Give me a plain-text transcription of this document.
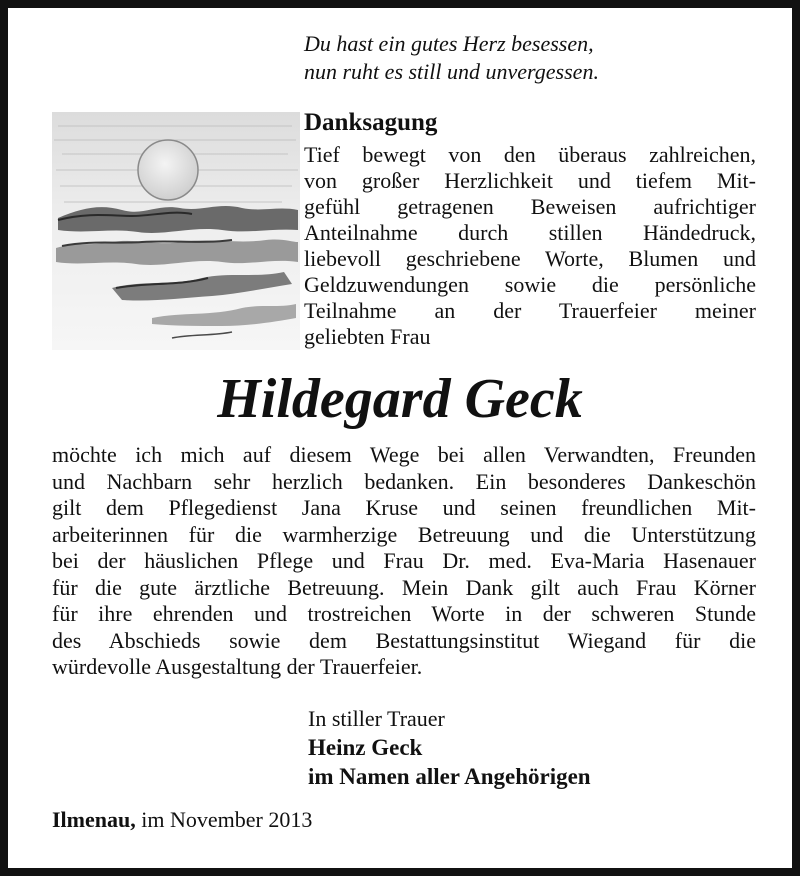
Du hast ein gutes Herz besessen,
nun ruht es still und unvergessen.
Danksagung
Tief bewegt von den überaus zahlreichen,
von großer Herzlichkeit und tiefem Mit-
gefühl getragenen Beweisen aufrichtiger
Anteilnahme durch stillen Händedruck,
liebevoll geschriebene Worte, Blumen und
Geldzuwendungen sowie die persönliche
Teilnahme an der Trauerfeier meiner
geliebten Frau
Hildegard Geck
möchte ich mich auf diesem Wege bei allen Verwandten, Freunden
und Nachbarn sehr herzlich bedanken. Ein besonderes Dankeschön
gilt dem Pflegedienst Jana Kruse und seinen freundlichen Mit-
arbeiterinnen für die warmherzige Betreuung und die Unterstützung
bei der häuslichen Pflege und Frau Dr. med. Eva-Maria Hasenauer
für die gute ärztliche Betreuung. Mein Dank gilt auch Frau Körner
für ihre ehrenden und trostreichen Worte in der schweren Stunde
des Abschieds sowie dem Bestattungsinstitut Wiegand für die
würdevolle Ausgestaltung der Trauerfeier.
In stiller Trauer
Heinz Geck
im Namen aller Angehörigen
Ilmenau, im November 2013
